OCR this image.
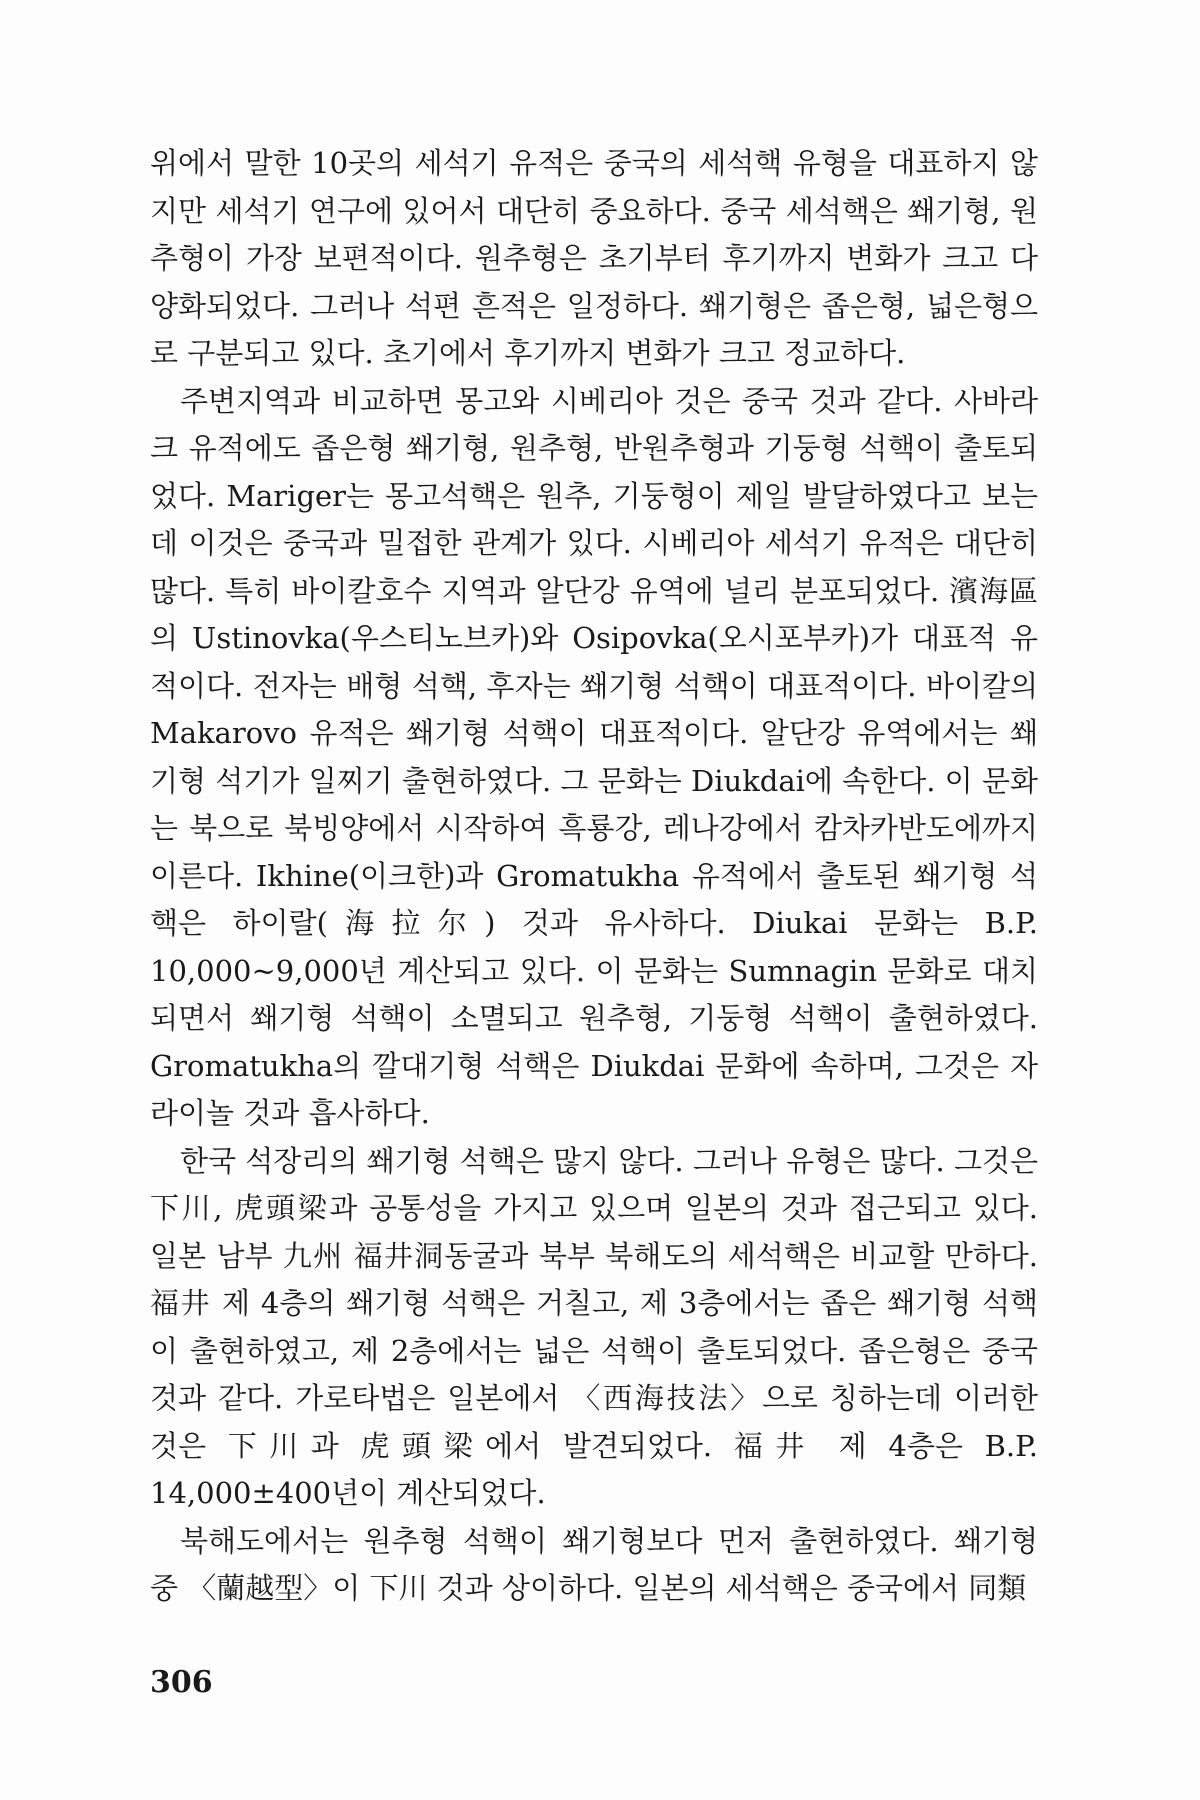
위에서 말한 10곳의 세석기 유적은 중국의 세석핵 유형을 대표하지 않지만 세석기 연구에 있어서 대단히 중요하다. 중국 세석핵은 쐐기형, 원추형이 가장 보편적이다. 원추형은 초기부터 후기까지 변화가 크고 다양화되었다. 그러나 석편 흔적은 일정하다. 쐐기형은 좁은형, 넓은형으로 구분되고 있다. 초기에서 후기까지 변화가 크고 정교하다.

주변지역과 비교하면 몽고와 시베리아 것은 중국 것과 같다. 사바라크 유적에도 좁은형 쐐기형, 원추형, 반원추형과 기둥형 석핵이 출토되었다. Mariger는 몽고석핵은 원추, 기둥형이 제일 발달하였다고 보는데 이것은 중국과 밀접한 관계가 있다. 시베리아 세석기 유적은 대단히 많다. 특히 바이칼호수 지역과 알단강 유역에 널리 분포되었다. 濱海區의 Ustinovka(우스티노브카)와 Osipovka(오시포부카)가 대표적 유적이다. 전자는 배형 석핵, 후자는 쐐기형 석핵이 대표적이다. 바이칼의 Makarovo 유적은 쐐기형 석핵이 대표적이다. 알단강 유역에서는 쐐기형 석기가 일찌기 출현하였다. 그 문화는 Diukdai에 속한다. 이 문화는 북으로 북빙양에서 시작하여 흑룡강, 레나강에서 캄차카반도에까지 이른다. Ikhine(이크한)과 Gromatukha 유적에서 출토된 쐐기형 석핵은 하이랄(海拉尔) 것과 유사하다. Diukai 문화는 B.P. 10,000~9,000년 계산되고 있다. 이 문화는 Sumnagin 문화로 대치되면서 쐐기형 석핵이 소멸되고 원추형, 기둥형 석핵이 출현하였다. Gromatukha의 깔대기형 석핵은 Diukdai 문화에 속하며, 그것은 자라이놀 것과 흡사하다.

한국 석장리의 쐐기형 석핵은 많지 않다. 그러나 유형은 많다. 그것은 下川, 虎頭梁과 공통성을 가지고 있으며 일본의 것과 접근되고 있다. 일본 남부 九州 福井洞동굴과 북부 북해도의 세석핵은 비교할 만하다. 福井 제 4층의 쐐기형 석핵은 거칠고, 제 3층에서는 좁은 쐐기형 석핵이 출현하였고, 제 2층에서는 넓은 석핵이 출토되었다. 좁은형은 중국 것과 같다. 가로타법은 일본에서 〈西海技法〉으로 칭하는데 이러한 것은 下川과 虎頭梁에서 발견되었다. 福井 제 4층은 B.P. 14,000±400년이 계산되었다.

북해도에서는 원추형 석핵이 쐐기형보다 먼저 출현하였다. 쐐기형 중 〈蘭越型〉이 下川 것과 상이하다. 일본의 세석핵은 중국에서 同類

306
